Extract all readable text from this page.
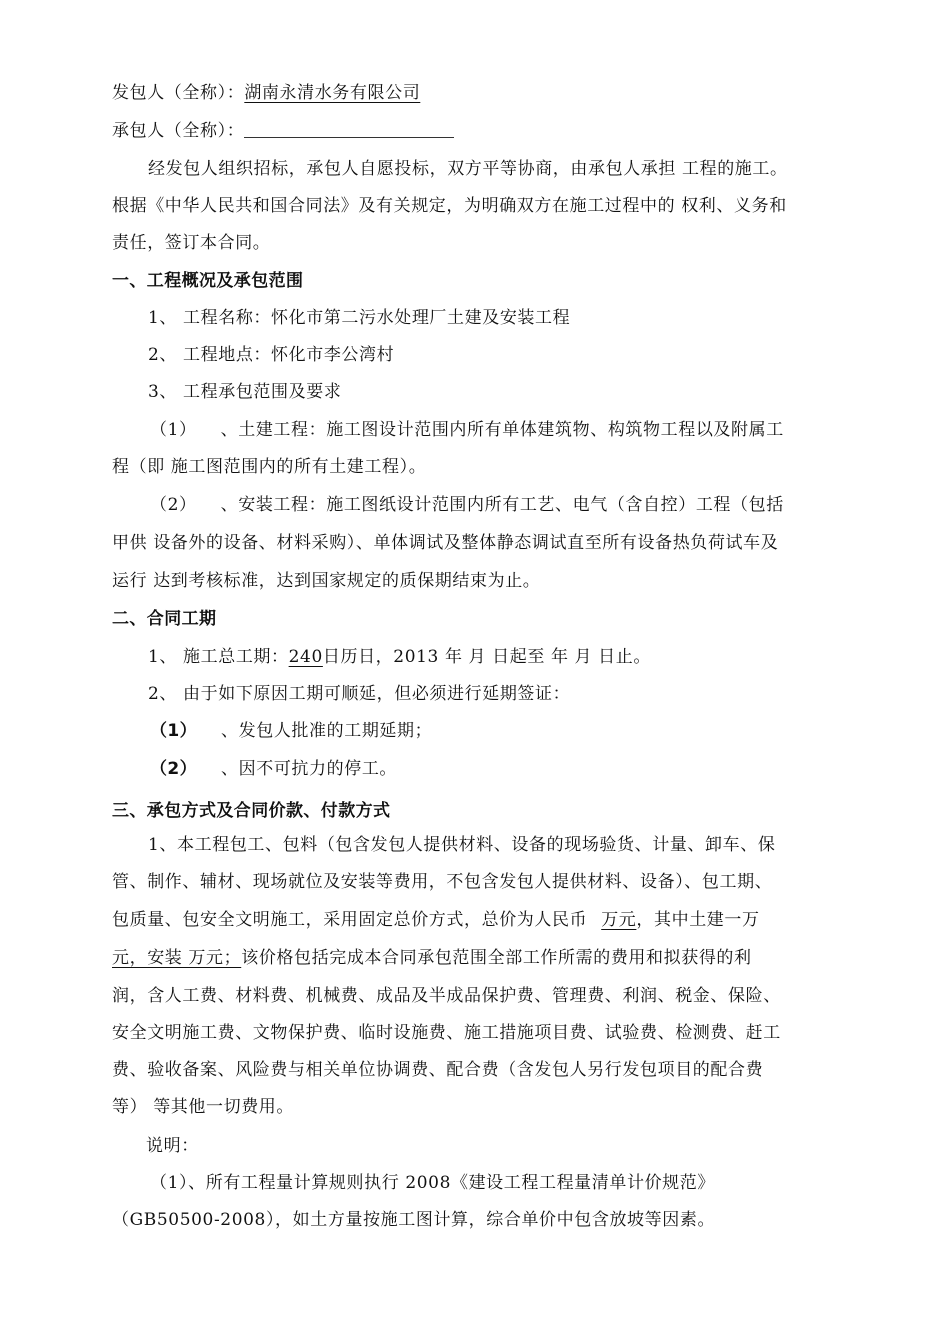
发包人（全称）：湖南永清水务有限公司
承包人（全称）：
经发包人组织招标，承包人自愿投标，双方平等协商，由承包人承担 工程的施工。
根据《中华人民共和国合同法》及有关规定，为明确双方在施工过程中的 权利、义务和
责任，签订本合同。
一、工程概况及承包范围
1、 工程名称：怀化市第二污水处理厂土建及安装工程
2、 工程地点：怀化市李公湾村
3、 工程承包范围及要求
（1） 、土建工程：施工图设计范围内所有单体建筑物、构筑物工程以及附属工
程（即 施工图范围内的所有土建工程）。
（2） 、安装工程：施工图纸设计范围内所有工艺、电气（含自控）工程（包括
甲供 设备外的设备、材料采购）、单体调试及整体静态调试直至所有设备热负荷试车及
运行 达到考核标准，达到国家规定的质保期结束为止。
二、合同工期
1、 施工总工期：240日历日，2013 年 月 日起至 年 月 日止。
2、 由于如下原因工期可顺延，但必须进行延期签证：
（1） 、发包人批准的工期延期；
（2） 、因不可抗力的停工。
三、承包方式及合同价款、付款方式
1、本工程包工、包料（包含发包人提供材料、设备的现场验货、计量、卸车、保
管、制作、辅材、现场就位及安装等费用，不包含发包人提供材料、设备）、包工期、
包质量、包安全文明施工，采用固定总价方式，总价为人民币 万元，其中土建一万
元，安装 万元；该价格包括完成本合同承包范围全部工作所需的费用和拟获得的利
润，含人工费、材料费、机械费、成品及半成品保护费、管理费、利润、税金、保险、
安全文明施工费、文物保护费、临时设施费、施工措施项目费、试验费、检测费、赶工
费、验收备案、风险费与相关单位协调费、配合费（含发包人另行发包项目的配合费
等） 等其他一切费用。
说明：
（1）、所有工程量计算规则执行 2008《建设工程工程量清单计价规范》
（GB50500-2008），如土方量按施工图计算，综合单价中包含放坡等因素。
